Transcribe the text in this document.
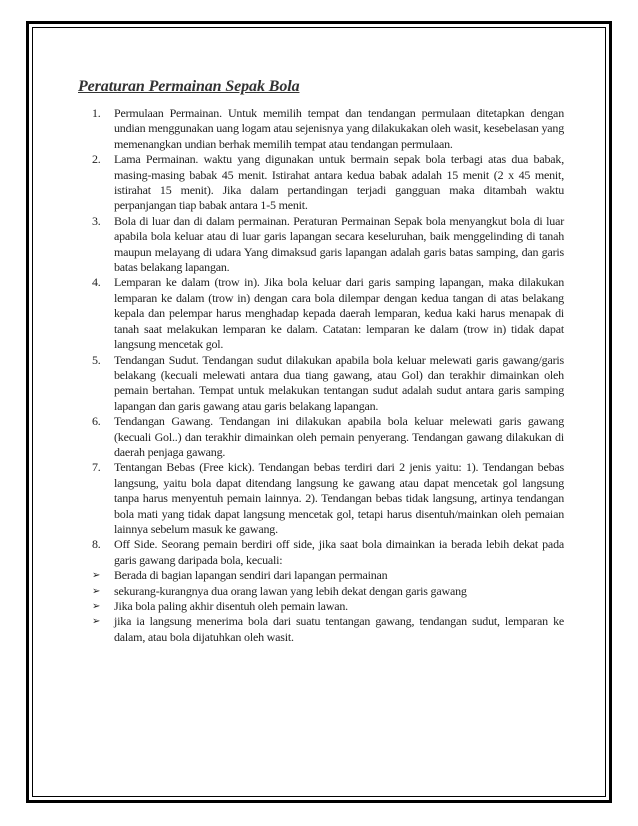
Peraturan Permainan Sepak Bola
1. Permulaan Permainan. Untuk memilih tempat dan tendangan permulaan ditetapkan dengan undian menggunakan uang logam atau sejenisnya yang dilakukakan oleh wasit, kesebelasan yang memenangkan undian berhak memilih tempat atau tendangan permulaan.
2. Lama Permainan. waktu yang digunakan untuk bermain sepak bola terbagi atas dua babak, masing-masing babak 45 menit. Istirahat antara kedua babak adalah 15 menit (2 x 45 menit, istirahat 15 menit). Jika dalam pertandingan terjadi gangguan maka ditambah waktu perpanjangan tiap babak antara 1-5 menit.
3. Bola di luar dan di dalam permainan. Peraturan Permainan Sepak bola menyangkut bola di luar apabila bola keluar atau di luar garis lapangan secara keseluruhan, baik menggelinding di tanah maupun melayang di udara Yang dimaksud garis lapangan adalah garis batas samping, dan garis batas belakang lapangan.
4. Lemparan ke dalam (trow in). Jika bola keluar dari garis samping lapangan, maka dilakukan lemparan ke dalam (trow in) dengan cara bola dilempar dengan kedua tangan di atas belakang kepala dan pelempar harus menghadap kepada daerah lemparan, kedua kaki harus menapak di tanah saat melakukan lemparan ke dalam. Catatan: lemparan ke dalam (trow in) tidak dapat langsung mencetak gol.
5. Tendangan Sudut. Tendangan sudut dilakukan apabila bola keluar melewati garis gawang/garis belakang (kecuali melewati antara dua tiang gawang, atau Gol) dan terakhir dimainkan oleh pemain bertahan. Tempat untuk melakukan tentangan sudut adalah sudut antara garis samping lapangan dan garis gawang atau garis belakang lapangan.
6. Tendangan Gawang. Tendangan ini dilakukan apabila bola keluar melewati garis gawang (kecuali Gol..) dan terakhir dimainkan oleh pemain penyerang. Tendangan gawang dilakukan di daerah penjaga gawang.
7. Tentangan Bebas (Free kick). Tendangan bebas terdiri dari 2 jenis yaitu: 1). Tendangan bebas langsung, yaitu bola dapat ditendang langsung ke gawang atau dapat mencetak gol langsung tanpa harus menyentuh pemain lainnya. 2). Tendangan bebas tidak langsung, artinya tendangan bola mati yang tidak dapat langsung mencetak gol, tetapi harus disentuh/mainkan oleh pemaian lainnya sebelum masuk ke gawang.
8. Off Side. Seorang pemain berdiri off side, jika saat bola dimainkan ia berada lebih dekat pada garis gawang daripada bola, kecuali:
➢ Berada di bagian lapangan sendiri dari lapangan permainan
➢ sekurang-kurangnya dua orang lawan yang lebih dekat dengan garis gawang
➢ Jika bola paling akhir disentuh oleh pemain lawan.
➢ jika ia langsung menerima bola dari suatu tentangan gawang, tendangan sudut, lemparan ke dalam, atau bola dijatuhkan oleh wasit.
